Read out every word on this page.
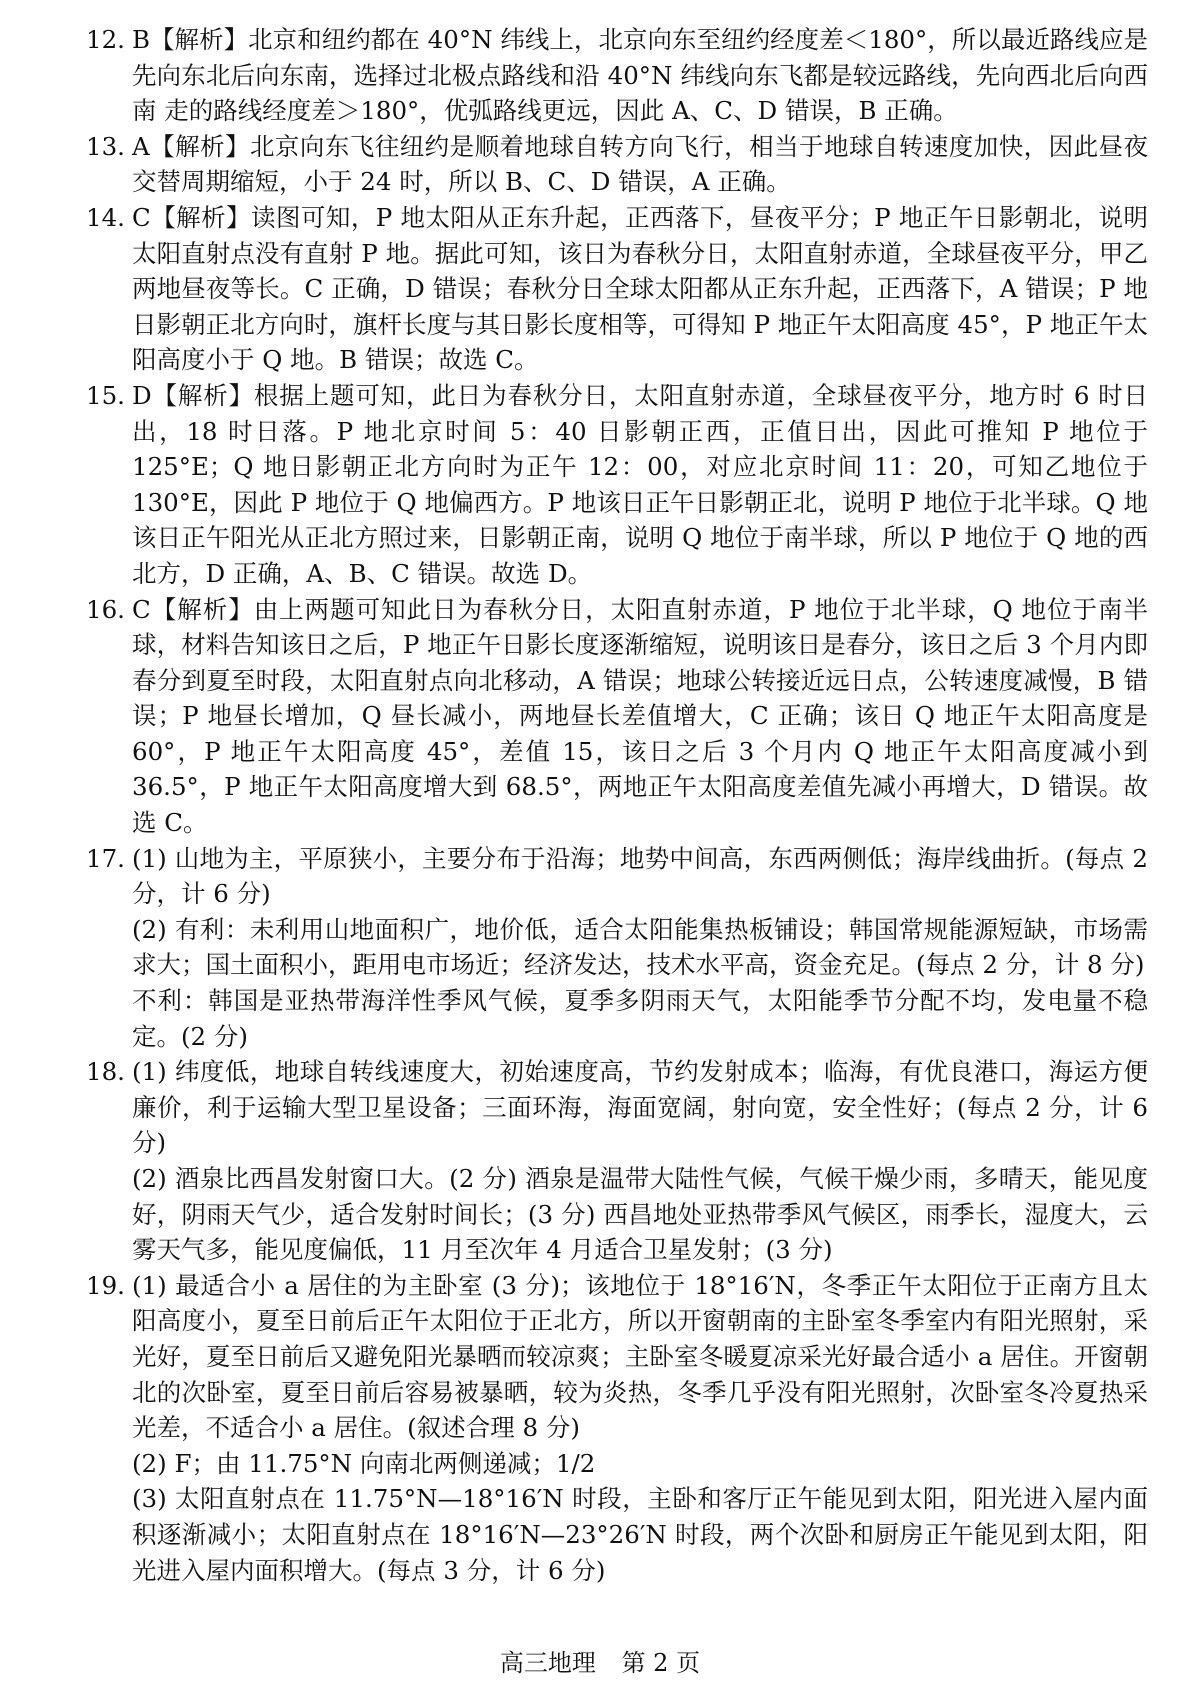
12. B【解析】北京和纽约都在 40°N 纬线上，北京向东至纽约经度差＜180°，所以最近路线应是先向东北后向东南，选择过北极点路线和沿 40°N 纬线向东飞都是较远路线，先向西北后向西南 走的路线经度差＞180°，优弧路线更远，因此 A、C、D 错误，B 正确。

13. A【解析】北京向东飞往纽约是顺着地球自转方向飞行，相当于地球自转速度加快，因此昼夜交替周期缩短，小于 24 时，所以 B、C、D 错误，A 正确。

14. C【解析】读图可知，P 地太阳从正东升起，正西落下，昼夜平分；P 地正午日影朝北，说明太阳直射点没有直射 P 地。据此可知，该日为春秋分日，太阳直射赤道，全球昼夜平分，甲乙两地昼夜等长。C 正确，D 错误；春秋分日全球太阳都从正东升起，正西落下，A 错误；P 地日影朝正北方向时，旗杆长度与其日影长度相等，可得知 P 地正午太阳高度 45°，P 地正午太阳高度小于 Q 地。B 错误；故选 C。

15. D【解析】根据上题可知，此日为春秋分日，太阳直射赤道，全球昼夜平分，地方时 6 时日出，18 时日落。P 地北京时间 5：40 日影朝正西，正值日出，因此可推知 P 地位于 125°E；Q 地日影朝正北方向时为正午 12：00，对应北京时间 11：20，可知乙地位于 130°E，因此 P 地位于 Q 地偏西方。P 地该日正午日影朝正北，说明 P 地位于北半球。Q 地该日正午阳光从正北方照过来，日影朝正南，说明 Q 地位于南半球，所以 P 地位于 Q 地的西北方，D 正确，A、B、C 错误。故选 D。

16. C【解析】由上两题可知此日为春秋分日，太阳直射赤道，P 地位于北半球，Q 地位于南半球，材料告知该日之后，P 地正午日影长度逐渐缩短，说明该日是春分，该日之后 3 个月内即春分到夏至时段，太阳直射点向北移动，A 错误；地球公转接近远日点，公转速度减慢，B 错误；P 地昼长增加，Q 昼长减小，两地昼长差值增大，C 正确；该日 Q 地正午太阳高度是 60°，P 地正午太阳高度 45°，差值 15，该日之后 3 个月内 Q 地正午太阳高度减小到 36.5°，P 地正午太阳高度增大到 68.5°，两地正午太阳高度差值先减小再增大，D 错误。故选 C。

17. (1) 山地为主，平原狭小，主要分布于沿海；地势中间高，东西两侧低；海岸线曲折。(每点 2 分，计 6 分)

(2) 有利：未利用山地面积广，地价低，适合太阳能集热板铺设；韩国常规能源短缺，市场需求大；国土面积小，距用电市场近；经济发达，技术水平高，资金充足。(每点 2 分，计 8 分)

不利：韩国是亚热带海洋性季风气候，夏季多阴雨天气，太阳能季节分配不均，发电量不稳定。(2 分)

18. (1) 纬度低，地球自转线速度大，初始速度高，节约发射成本；临海，有优良港口，海运方便廉价，利于运输大型卫星设备；三面环海，海面宽阔，射向宽，安全性好；(每点 2 分，计 6 分)

(2) 酒泉比西昌发射窗口大。(2 分) 酒泉是温带大陆性气候，气候干燥少雨，多晴天，能见度好，阴雨天气少，适合发射时间长；(3 分) 西昌地处亚热带季风气候区，雨季长，湿度大，云雾天气多，能见度偏低，11 月至次年 4 月适合卫星发射；(3 分)

19. (1) 最适合小 a 居住的为主卧室 (3 分)；该地位于 18°16′N，冬季正午太阳位于正南方且太阳高度小，夏至日前后正午太阳位于正北方，所以开窗朝南的主卧室冬季室内有阳光照射，采光好，夏至日前后又避免阳光暴晒而较凉爽；主卧室冬暖夏凉采光好最合适小 a 居住。开窗朝北的次卧室，夏至日前后容易被暴晒，较为炎热，冬季几乎没有阳光照射，次卧室冬冷夏热采光差，不适合小 a 居住。(叙述合理 8 分)

(2) F；由 11.75°N 向南北两侧递减；1/2

(3) 太阳直射点在 11.75°N—18°16′N 时段，主卧和客厅正午能见到太阳，阳光进入屋内面积逐渐减小；太阳直射点在 18°16′N—23°26′N 时段，两个次卧和厨房正午能见到太阳，阳光进入屋内面积增大。(每点 3 分，计 6 分)

高三地理 第 2 页
